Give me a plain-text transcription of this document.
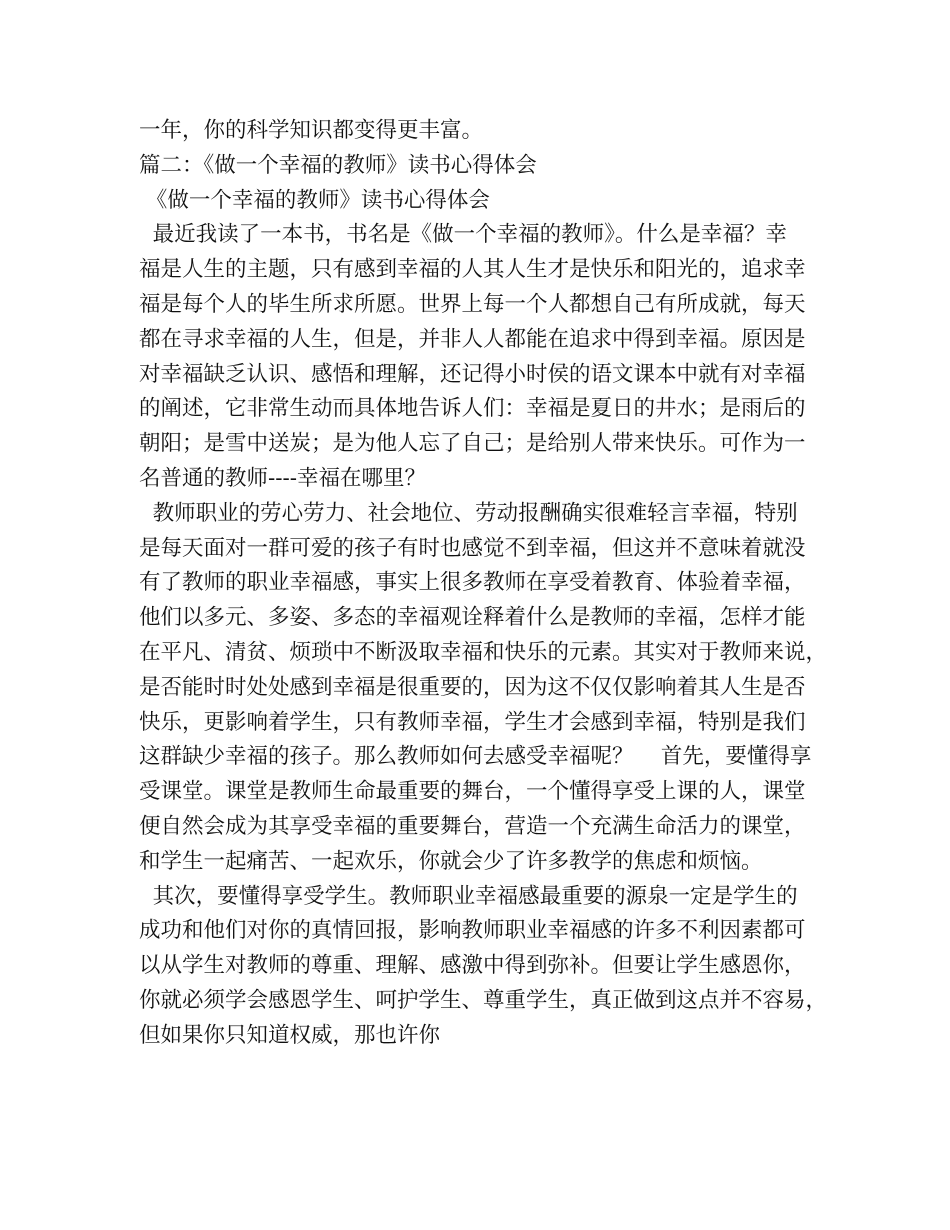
一年，你的科学知识都变得更丰富。
篇二：《做一个幸福的教师》读书心得体会
《做一个幸福的教师》读书心得体会
最近我读了一本书，书名是《做一个幸福的教师》。什么是幸福？幸
福是人生的主题，只有感到幸福的人其人生才是快乐和阳光的，追求幸
福是每个人的毕生所求所愿。世界上每一个人都想自己有所成就，每天
都在寻求幸福的人生，但是，并非人人都能在追求中得到幸福。原因是
对幸福缺乏认识、感悟和理解，还记得小时侯的语文课本中就有对幸福
的阐述，它非常生动而具体地告诉人们：幸福是夏日的井水；是雨后的
朝阳；是雪中送炭；是为他人忘了自己；是给别人带来快乐。可作为一
名普通的教师----幸福在哪里？
教师职业的劳心劳力、社会地位、劳动报酬确实很难轻言幸福，特别
是每天面对一群可爱的孩子有时也感觉不到幸福，但这并不意味着就没
有了教师的职业幸福感，事实上很多教师在享受着教育、体验着幸福，
他们以多元、多姿、多态的幸福观诠释着什么是教师的幸福，怎样才能
在平凡、清贫、烦琐中不断汲取幸福和快乐的元素。其实对于教师来说，
是否能时时处处感到幸福是很重要的，因为这不仅仅影响着其人生是否
快乐，更影响着学生，只有教师幸福，学生才会感到幸福，特别是我们
这群缺少幸福的孩子。那么教师如何去感受幸福呢？    首先，要懂得享
受课堂。课堂是教师生命最重要的舞台，一个懂得享受上课的人，课堂
便自然会成为其享受幸福的重要舞台，营造一个充满生命活力的课堂，
和学生一起痛苦、一起欢乐，你就会少了许多教学的焦虑和烦恼。
其次，要懂得享受学生。教师职业幸福感最重要的源泉一定是学生的
成功和他们对你的真情回报，影响教师职业幸福感的许多不利因素都可
以从学生对教师的尊重、理解、感激中得到弥补。但要让学生感恩你，
你就必须学会感恩学生、呵护学生、尊重学生，真正做到这点并不容易，
但如果你只知道权威，那也许你
